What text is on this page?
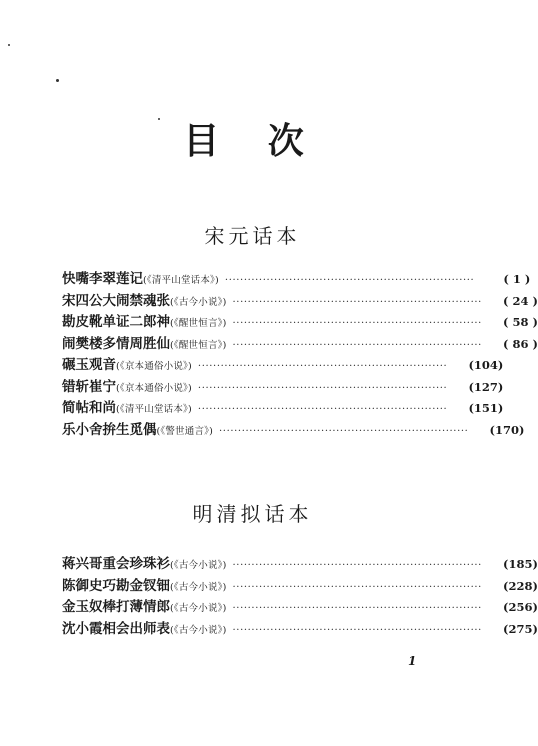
目 次
宋元话本
快嘴李翠莲记 (《清平山堂话本》) ··································································	( 1 )
宋四公大闹禁魂张 (《古今小说》) ··································································	( 24 )
勘皮靴单证二郎神 (《醒世恒言》) ··································································	( 58 )
闹樊楼多情周胜仙 (《醒世恒言》) ··································································	( 86 )
碾玉观音 (《京本通俗小说》) ··································································	(104)
错斩崔宁 (《京本通俗小说》) ··································································	(127)
简帖和尚 (《清平山堂话本》) ··································································	(151)
乐小舍拚生觅偶 (《警世通言》) ··································································	(170)
明清拟话本
蒋兴哥重会珍珠衫 (《古今小说》) ··································································	(185)
陈御史巧勘金钗钿 (《古今小说》) ··································································	(228)
金玉奴棒打薄情郎 (《古今小说》) ··································································	(256)
沈小霞相会出师表 (《古今小说》) ··································································	(275)
1
